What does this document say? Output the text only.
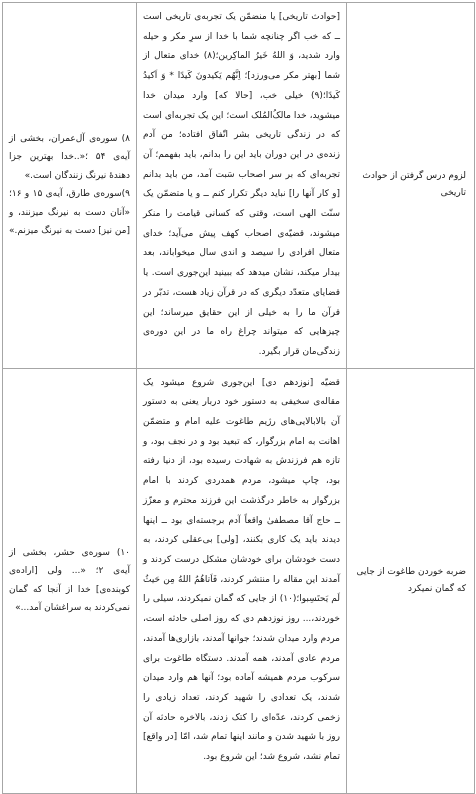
لزوم درس گرفتن از حوادث تاریخی	[حوادث تاریخی] یا منضمّن یک تجربه‌ی تاریخی است ــ که خب اگر چنانچه شما با خدا از سرِ مکر و حیله وارد شدید، وَ اللهُ خَیرُ الماکِرین؛(۸) خدای متعال از شما [بهتر مکر می‌ورزد]؛ اِنَّهُم یَکیدونَ کَیدًا * وَ اَکیدُ کَیدًا؛(۹) خیلی خب، [حالا که] وارد میدان خدا میشوید، خدا مالکُ‌المُلک است؛ این یک تجربه‌ای است که در زندگی تاریخی بشر اتّفاق افتاده؛ من آدم زنده‌ی در این دوران باید این را بدانم، باید بفهمم؛ آن تجربه‌ای که بر سر اصحاب سَبت آمد، من باید بدانم [و کار آنها را] نباید دیگر تکرار کنم ــ و یا متضمّن یک سنّت الهی است، وقتی که کسانی قیامت را منکر میشوند، قضیّه‌ی اصحاب کهف پیش می‌آید؛ خدای متعال افرادی را سیصد و اندی سال میخواباند، بعد بیدار میکند، نشان میدهد که ببینید این‌جوری است. یا قضایای متعدّد دیگری که در قرآن زیاد هست، تدبّر در قرآن ما را به خیلی از این حقایق میرساند؛ این چیزهایی که میتواند چراغ راه ما در این دوره‌ی زندگی‌مان قرار بگیرد.	۸) سوره‌ی آل‌عمران، بخشی از آیه‌ی ۵۴ ؛«..خدا بهترین جزا دهندهٔ نیرنگ زنندگان است.»
۹)سوره‌ی طارق، آیه‌ی ۱۵ و ۱۶؛ «آنان دست به نیرنگ میزنند، و [من نیز] دست به نیرنگ میزنم.»

ضربه خوردن طاغوت از جایی که گمان نمیکرد	قضیّه [نوزدهم دی] این‌جوری شروع میشود یک مقاله‌ی سخیفی به دستور خود دربار یعنی به دستور آن بالابالایی‌های رژیم طاغوت علیه امام و متضمّن اهانت به امام بزرگوار، که تبعید بود و در نجف بود، و تازه هم فرزندش به شهادت رسیده بود، از دنیا رفته بود، چاپ میشود، مردم همدردی کردند با امام بزرگوار به خاطر درگذشت این فرزند محترم و معزّز ــ حاج آقا مصطفیٰ واقعاً آدم برجسته‌ای بود ــ اینها دیدند باید یک کاری بکنند، [ولی] بی‌عقلی کردند، به دست خودشان برای خودشان مشکل درست کردند و آمدند این مقاله را منتشر کردند، فَاَتاهُمُ اللهُ مِن حَیثُ لَم یَحتَسِبوا؛(۱۰) از جایی که گمان نمیکردند، سیلی را خوردند،... روز نوزدهم دی که روز اصلی حادثه است، مردم وارد میدان شدند؛ جوانها آمدند، بازاری‌ها آمدند، مردم عادی آمدند، همه آمدند. دستگاه طاغوت برای سرکوب مردم همیشه آماده بود؛ آنها هم وارد میدان شدند، یک تعدادی را شهید کردند، تعداد زیادی را زخمی کردند، عدّه‌ای را کتک زدند، بالاخره حادثه آن روز با شهید شدن و مانند اینها تمام شد، امّا [در واقع] تمام نشد، شروع شد؛ این شروع بود.	۱۰) سوره‌ی حشر، بخشی از آیه‌ی ۲؛ «... ولی [اراده‌ی کوبنده‌ی] خدا از آنجا که گمان نمی‌کردند به سراغشان آمد...»
